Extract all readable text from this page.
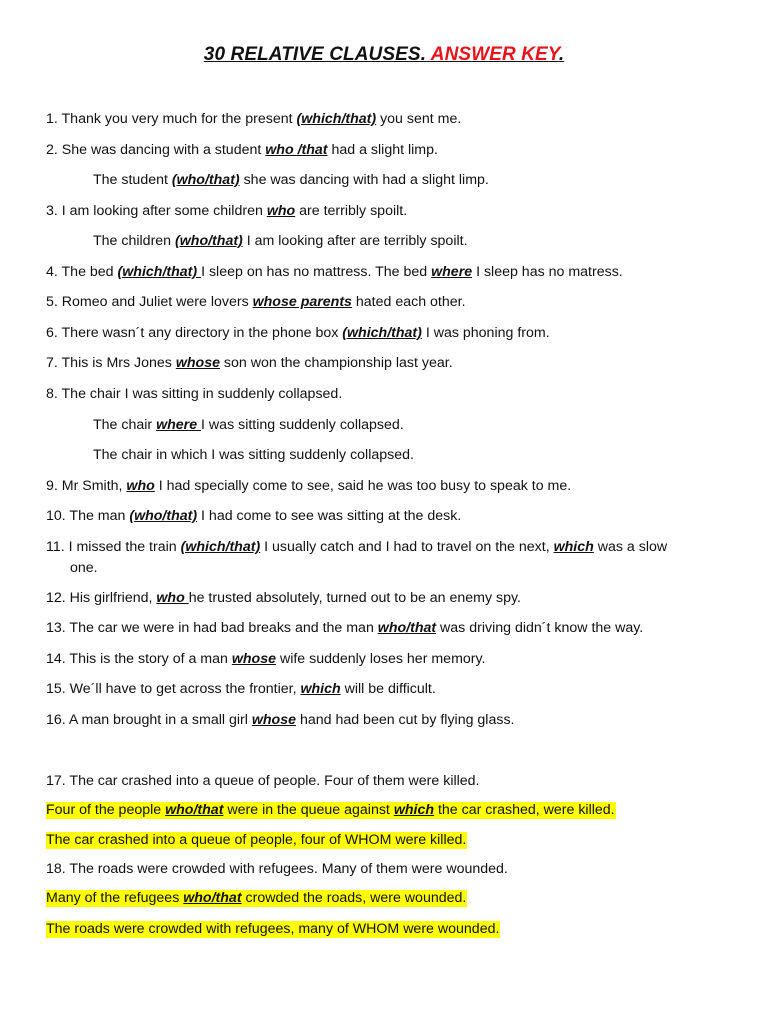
30 RELATIVE CLAUSES. ANSWER KEY.
1. Thank you very much for the present (which/that) you sent me.
2. She was dancing with a student who /that had a slight limp.
The student (who/that) she was dancing with had a slight limp.
3. I am looking after some children who are terribly spoilt.
The children (who/that) I am looking after are terribly spoilt.
4. The bed (which/that) I sleep on has no mattress. The bed where I sleep has no matress.
5. Romeo and Juliet were lovers whose parents hated each other.
6. There wasn´t any directory in the phone box (which/that) I was phoning from.
7. This is Mrs Jones whose son won the championship last year.
8. The chair I was sitting in suddenly collapsed.
The chair where I was sitting suddenly collapsed.
The chair in which I was sitting suddenly collapsed.
9. Mr Smith, who I had specially come to see, said he was too busy to speak to me.
10. The man (who/that) I had come to see was sitting at the desk.
11. I missed the train (which/that) I usually catch and I had to travel on the next, which was a slow
one.
12. His girlfriend, who he trusted absolutely, turned out to be an enemy spy.
13. The car we were in had bad breaks and the man who/that was driving didn´t know the way.
14. This is the story of a man whose wife suddenly loses her memory.
15. We´ll have to get across the frontier, which will be difficult.
16. A man brought in a small girl whose hand had been cut by flying glass.
17. The car crashed into a queue of people. Four of them were killed.
Four of the people who/that were in the queue against which the car crashed, were killed.
The car crashed into a queue of people, four of WHOM were killed.
18. The roads were crowded with refugees. Many of them were wounded.
Many of the refugees who/that crowded the roads, were wounded.
The roads were crowded with refugees, many of WHOM were wounded.
